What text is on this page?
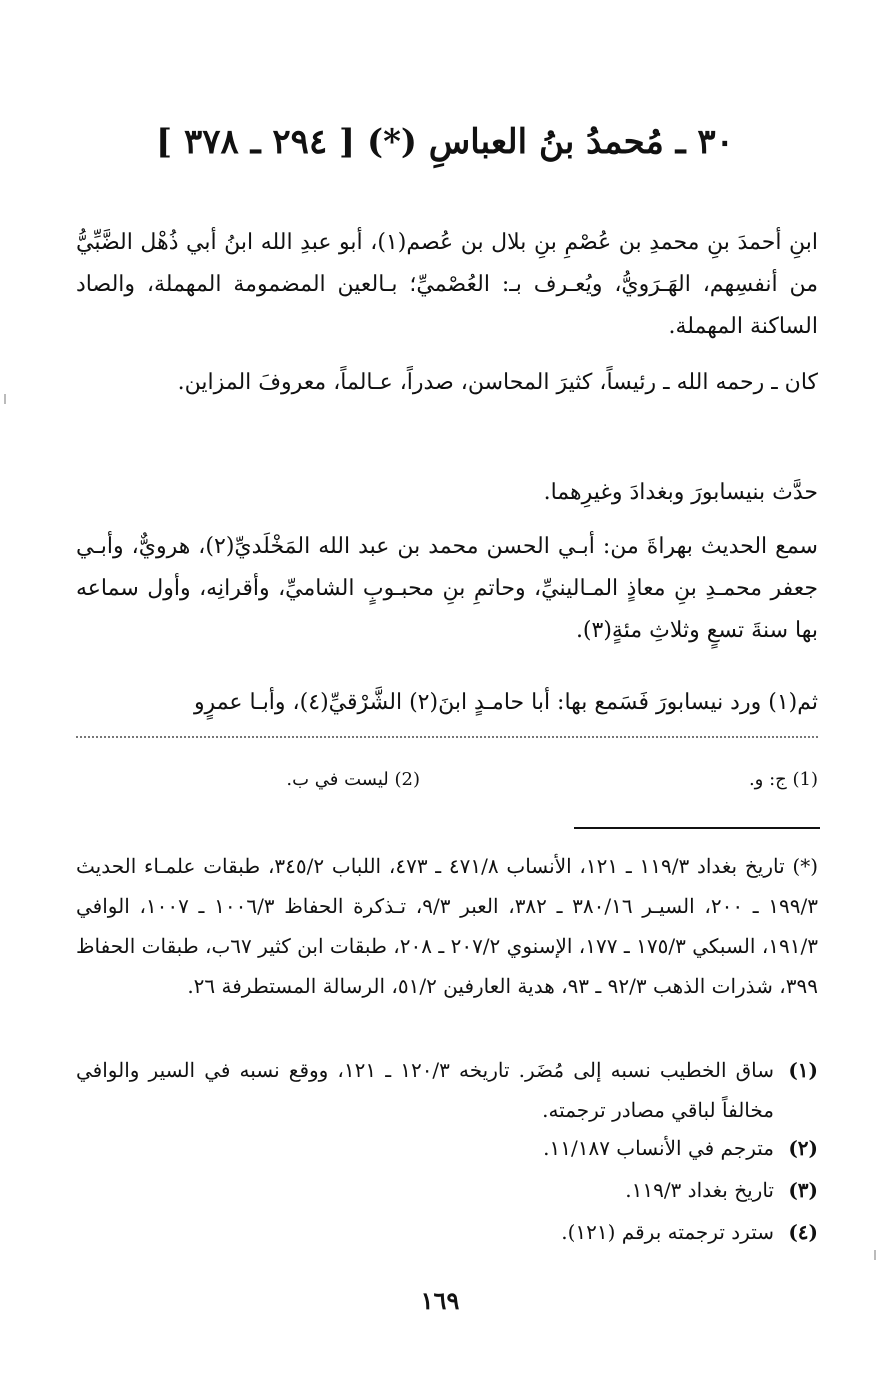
٣٠ ـ مُحمدُ بنُ العباسِ (*) [ ٢٩٤ ـ ٣٧٨ ]
ابنِ أحمدَ بنِ محمدِ بن عُصْمِ بنِ بلال بن عُصم(١)، أبو عبدِ الله ابنُ أبي ذُهْل الضَّبِّيُّ من أنفسِهم، الهَـرَويُّ، ويُعـرف بـ: العُصْميِّ؛ بـالعين المضمومة المهملة، والصاد الساكنة المهملة.
كان ـ رحمه الله ـ رئيساً، كثيرَ المحاسن، صدراً، عـالماً، معروفَ المزاين.
حدَّث بنيسابورَ وبغدادَ وغيرِهما.
سمع الحديث بهراةَ من: أبـي الحسن محمد بن عبد الله المَخْلَديِّ(٢)، هرويٌّ، وأبـي جعفر محمـدِ بنِ معاذٍ المـالينيِّ، وحاتمِ بنِ محبـوبٍ الشاميِّ، وأقرانِه، وأول سماعه بها سنةَ تسعٍ وثلاثِ مئةٍ(٣).
ثم(١) ورد نيسابورَ فَسَمع بها: أبا حامـدٍ ابنَ(٢) الشَّرْقيِّ(٤)، وأبـا عمرٍو
(1) ج: و.
(2) ليست في ب.
(*) تاريخ بغداد ١١٩/٣ ـ ١٢١، الأنساب ٤٧١/٨ ـ ٤٧٣، اللباب ٣٤٥/٢، طبقات علمـاء الحديث ١٩٩/٣ ـ ٢٠٠، السيـر ٣٨٠/١٦ ـ ٣٨٢، العبر ٩/٣، تـذكرة الحفاظ ١٠٠٦/٣ ـ ١٠٠٧، الوافي ١٩١/٣، السبكي ١٧٥/٣ ـ ١٧٧، الإسنوي ٢٠٧/٢ ـ ٢٠٨، طبقات ابن كثير ٦٧ب، طبقات الحفاظ ٣٩٩، شذرات الذهب ٩٢/٣ ـ ٩٣، هدية العارفين ٥١/٢، الرسالة المستطرفة ٢٦.
(١)
ساق الخطيب نسبه إلى مُضَر. تاريخه ١٢٠/٣ ـ ١٢١، ووقع نسبه في السير والوافي مخالفاً لباقي مصادر ترجمته.
(٢)
مترجم في الأنساب ١١/١٨٧.
(٣)
تاريخ بغداد ١١٩/٣.
(٤)
سترد ترجمته برقم (١٢١).
١٦٩
